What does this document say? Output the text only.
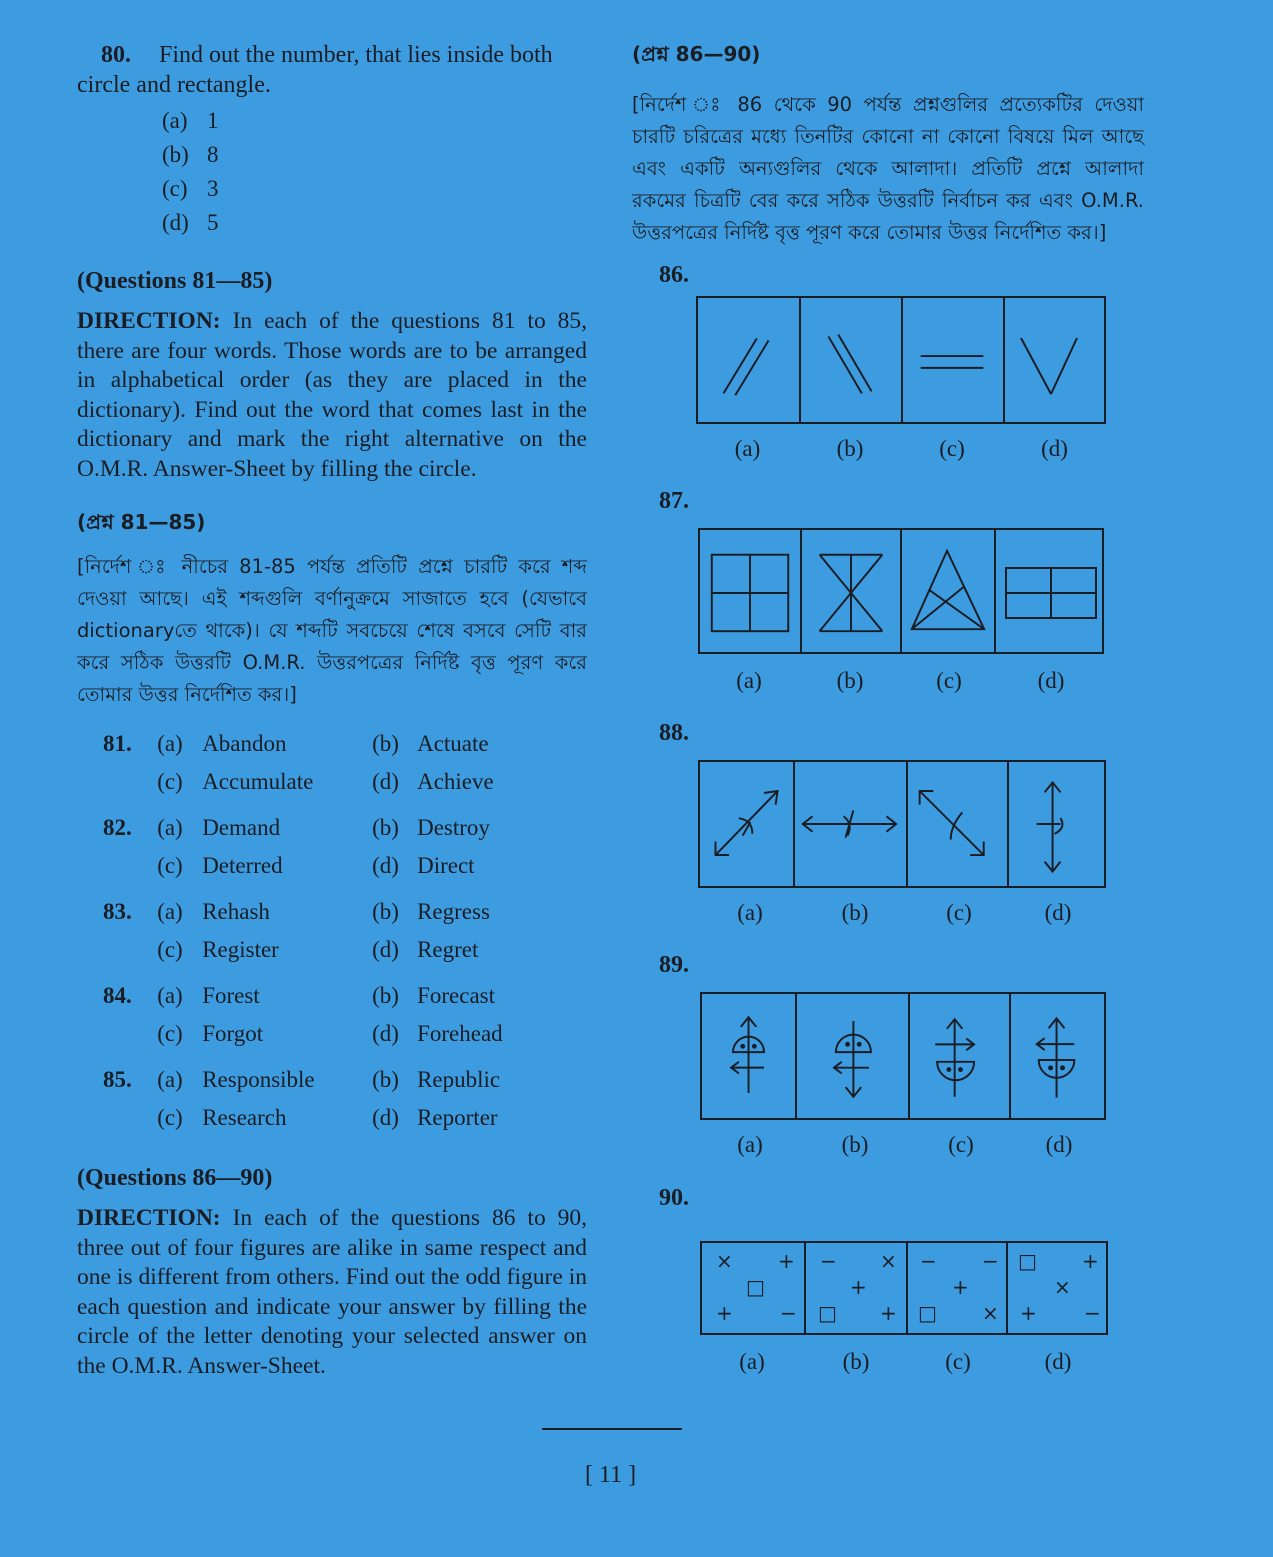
80. Find out the number, that lies inside both
circle and rectangle.

(a) 1
(b) 8
(c) 3
(d) 5

(Questions 81—85)

DIRECTION: In each of the questions 81 to 85, there are four words. Those words are to be arranged in alphabetical order (as they are placed in the dictionary). Find out the word that comes last in the dictionary and mark the right alternative on the O.M.R. Answer-Sheet by filling the circle.

(প্রশ্ন 81—85)

[নির্দেশ ঃ নীচের 81-85 পর্যন্ত প্রতিটি প্রশ্নে চারটি করে শব্দ দেওয়া আছে। এই শব্দগুলি বর্ণানুক্রমে সাজাতে হবে (যেভাবে dictionaryতে থাকে)। যে শব্দটি সবচেয়ে শেষে বসবে সেটি বার করে সঠিক উত্তরটি O.M.R. উত্তরপত্রের নির্দিষ্ট বৃত্ত পূরণ করে তোমার উত্তর নির্দেশিত কর।]

81.	(a) Abandon	(b) Actuate
(c) Accumulate	(d) Achieve
82.	(a) Demand	(b) Destroy
(c) Deterred	(d) Direct
83.	(a) Rehash	(b) Regress
(c) Register	(d) Regret
84.	(a) Forest	(b) Forecast
(c) Forgot	(d) Forehead
85.	(a) Responsible (b) Republic
(c) Research	(d) Reporter

(Questions 86—90)

DIRECTION: In each of the questions 86 to 90, three out of four figures are alike in same respect and one is different from others. Find out the odd figure in each question and indicate your answer by filling the circle of the letter denoting your selected answer on the O.M.R. Answer-Sheet.

(প্রশ্ন 86—90)

[নির্দেশ ঃ 86 থেকে 90 পর্যন্ত প্রশ্নগুলির প্রত্যেকটির দেওয়া চারটি চরিত্রের মধ্যে তিনটির কোনো না কোনো বিষয়ে মিল আছে এবং একটি অন্যগুলির থেকে আলাদা। প্রতিটি প্রশ্নে আলাদা রকমের চিত্রটি বের করে সঠিক উত্তরটি নির্বাচন কর এবং O.M.R. উত্তরপত্রের নির্দিষ্ট বৃত্ত পূরণ করে তোমার উত্তর নির্দেশিত কর।]

86.
(a)	(b)	(c)	(d)
87.
(a)	(b)	(c)	(d)
88.
(a)	(b)	(c)	(d)
89.
(a)	(b)	(c)	(d)
90.
× +
□
+ −
− ×
+
□ +
− −
+
□ ×
□ +
×
+ −
(a)	(b)	(c)	(d)
[ 11 ]
